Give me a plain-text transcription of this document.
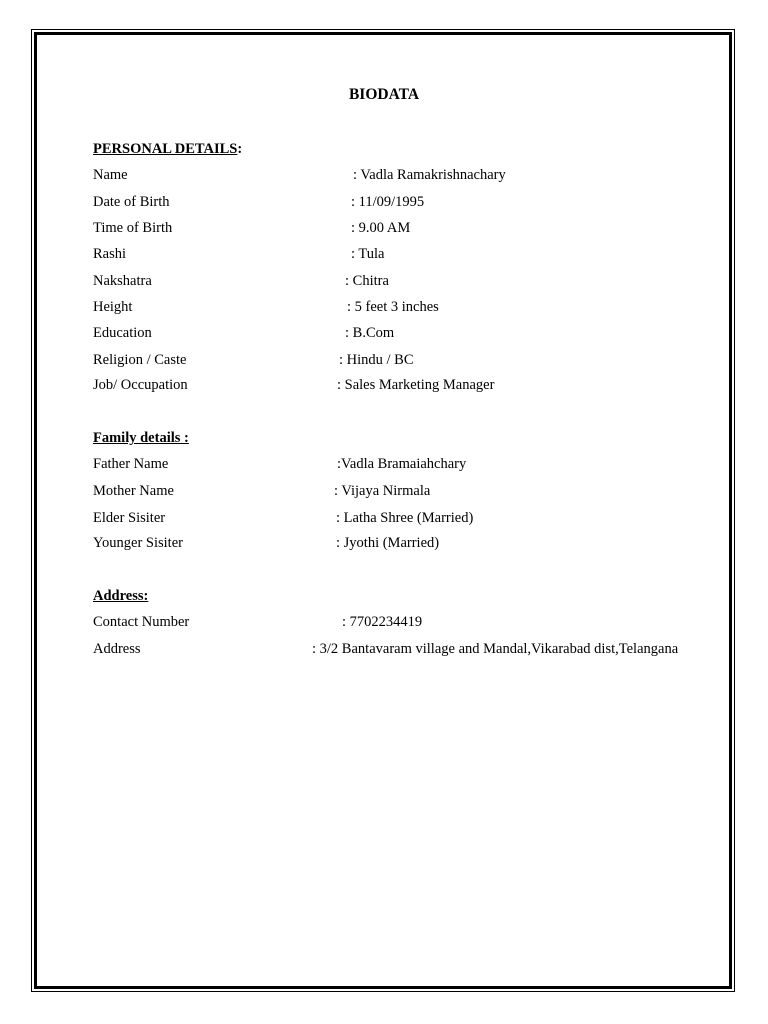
BIODATA
PERSONAL DETAILS:
Name	: Vadla Ramakrishnachary
Date of Birth	: 11/09/1995
Time of Birth	: 9.00 AM
Rashi	: Tula
Nakshatra	: Chitra
Height	: 5 feet 3 inches
Education	: B.Com
Religion / Caste	: Hindu / BC
Job/ Occupation	: Sales Marketing Manager
Family details :
Father Name	:Vadla Bramaiahchary
Mother Name	: Vijaya Nirmala
Elder Sisiter	: Latha Shree (Married)
Younger Sisiter	: Jyothi (Married)
Address:
Contact Number	: 7702234419
Address	: 3/2 Bantavaram village and Mandal,Vikarabad dist,Telangana
